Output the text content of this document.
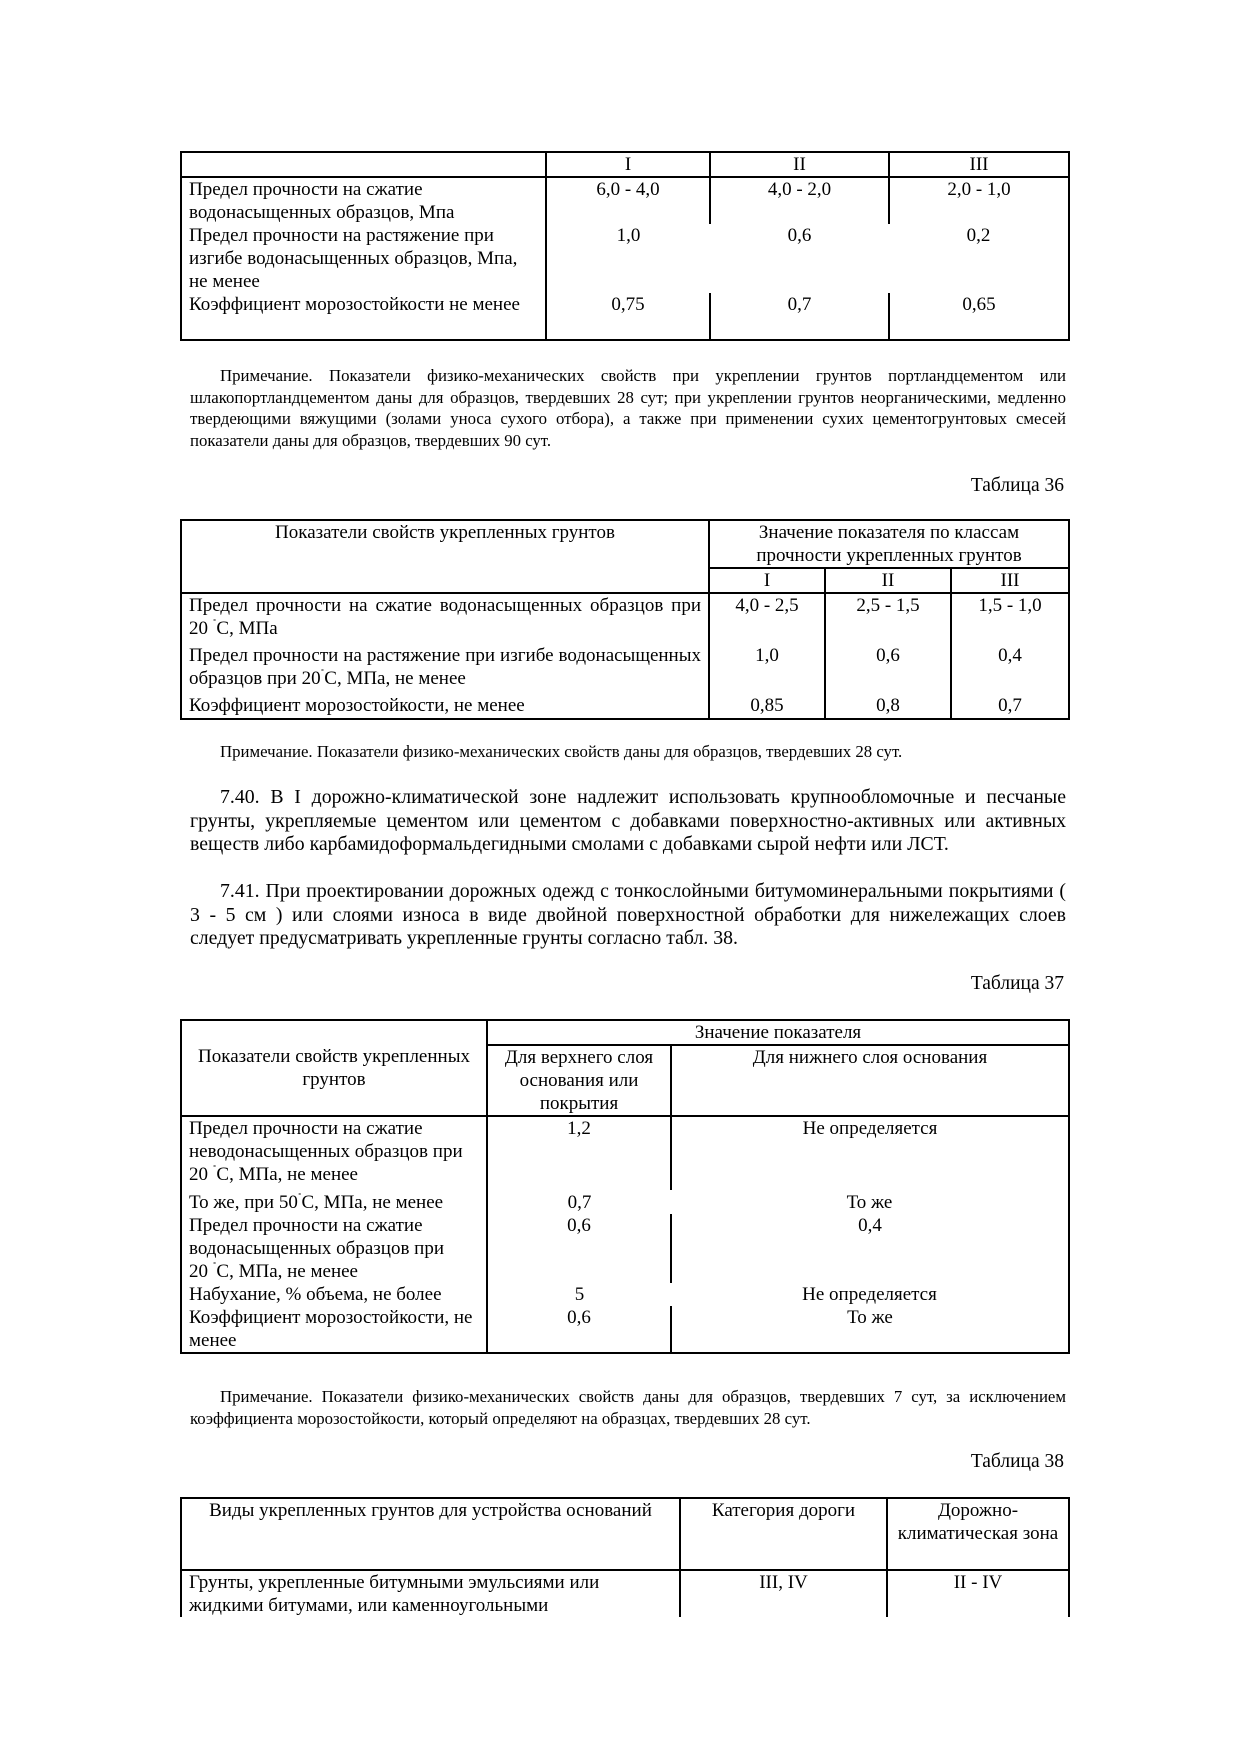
	I	II	III
Предел прочности на сжатие водонасыщенных образцов, Мпа	6,0 - 4,0	4,0 - 2,0	2,0 - 1,0
Предел прочности на растяжение при изгибе водонасыщенных образцов, Мпа, не менее	1,0	0,6	0,2
Коэффициент морозостойкости не менее	0,75	0,7	0,65

Примечание. Показатели физико-механических свойств при укреплении грунтов портландцементом или шлакопортландцементом даны для образцов, твердевших 28 сут; при укреплении грунтов неорганическими, медленно твердеющими вяжущими (золами уноса сухого отбора), а также при применении сухих цементогрунтовых смесей показатели даны для образцов, твердевших 90 сут.

Таблица 36
Показатели свойств укрепленных грунтов	Значение показателя по классам прочности укрепленных грунтов		
	I	II	III
Предел прочности на сжатие водонасыщенных образцов при 20 ˚С, МПа	4,0 - 2,5	2,5 - 1,5	1,5 - 1,0
Предел прочности на растяжение при изгибе водонасыщенных образцов при 20˚С, МПа, не менее	1,0	0,6	0,4
Коэффициент морозостойкости, не менее	0,85	0,8	0,7

Примечание. Показатели физико-механических свойств даны для образцов, твердевших 28 сут.

7.40. В I дорожно-климатической зоне надлежит использовать крупнообломочные и песчаные грунты, укрепляемые цементом или цементом с добавками поверхностно-активных или активных веществ либо карбамидоформальдегидными смолами с добавками сырой нефти или ЛСТ.

7.41. При проектировании дорожных одежд с тонкослойными битумоминеральными покрытиями ( 3 - 5 см ) или слоями износа в виде двойной поверхностной обработки для нижележащих слоев следует предусматривать укрепленные грунты согласно табл. 38.

Таблица 37
Показатели свойств укрепленных грунтов	Значение показателя	
	Для верхнего слоя основания или покрытия	Для нижнего слоя основания
Предел прочности на сжатие неводонасыщенных образцов при 20 ˚С, МПа, не менее	1,2	Не определяется
То же, при 50˚С, МПа, не менее	0,7	То же
Предел прочности на сжатие водонасыщенных образцов при 20 ˚С, МПа, не менее	0,6	0,4
Набухание, % объема, не более	5	Не определяется
Коэффициент морозостойкости, не менее	0,6	То же

Примечание. Показатели физико-механических свойств даны для образцов, твердевших 7 сут, за исключением коэффициента морозостойкости, который определяют на образцах, твердевших 28 сут.

Таблица 38
Виды укрепленных грунтов для устройства оснований	Категория дороги	Дорожно-климатическая зона
Грунты, укрепленные битумными эмульсиями или жидкими битумами, или каменноугольными	III, IV	II - IV
